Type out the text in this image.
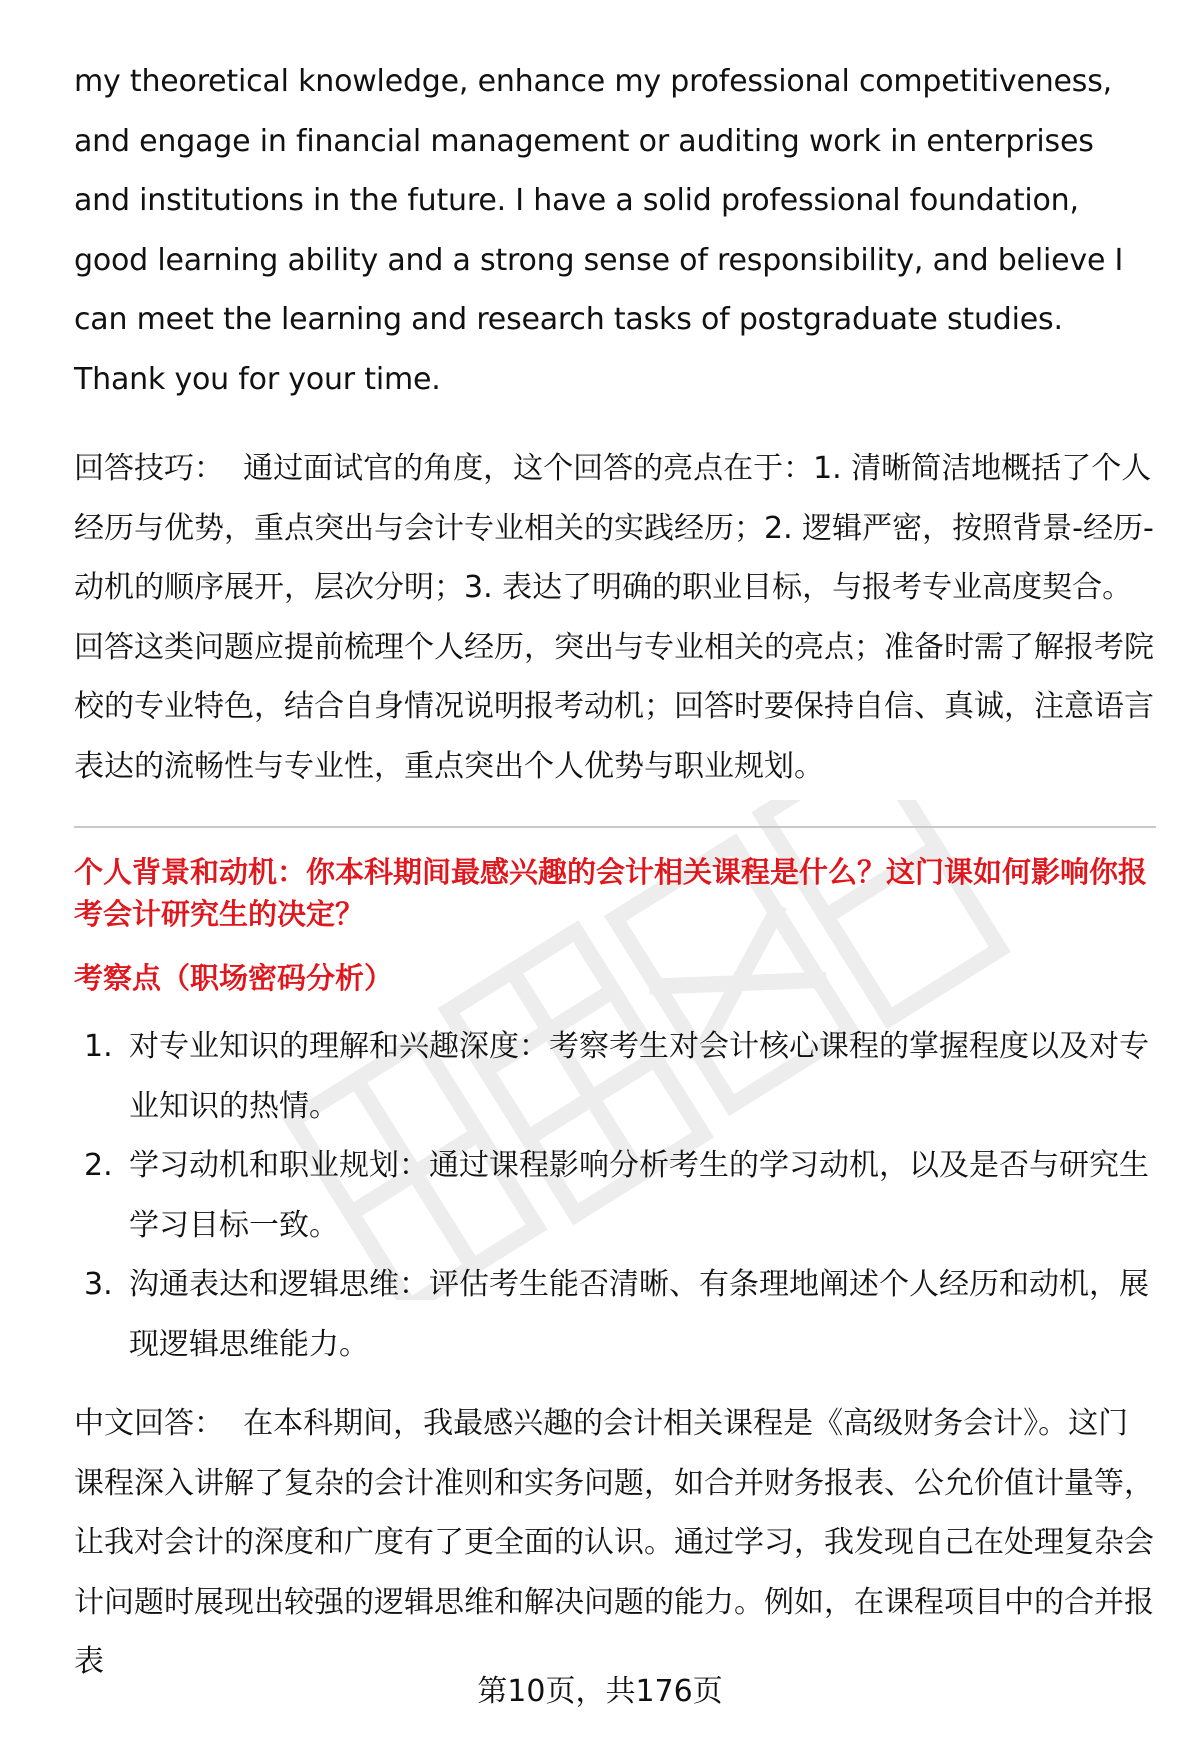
my theoretical knowledge, enhance my professional competitiveness, and engage in financial management or auditing work in enterprises and institutions in the future. I have a solid professional foundation, good learning ability and a strong sense of responsibility, and believe I can meet the learning and research tasks of postgraduate studies. Thank you for your time.

回答技巧： 通过面试官的角度，这个回答的亮点在于：1. 清晰简洁地概括了个人经历与优势，重点突出与会计专业相关的实践经历；2. 逻辑严密，按照背景-经历-动机的顺序展开，层次分明；3. 表达了明确的职业目标，与报考专业高度契合。回答这类问题应提前梳理个人经历，突出与专业相关的亮点；准备时需了解报考院校的专业特色，结合自身情况说明报考动机；回答时要保持自信、真诚，注意语言表达的流畅性与专业性，重点突出个人优势与职业规划。

个人背景和动机：你本科期间最感兴趣的会计相关课程是什么？这门课如何影响你报考会计研究生的决定？

考察点（职场密码分析）

1. 对专业知识的理解和兴趣深度：考察考生对会计核心课程的掌握程度以及对专业知识的热情。
2. 学习动机和职业规划：通过课程影响分析考生的学习动机，以及是否与研究生学习目标一致。
3. 沟通表达和逻辑思维：评估考生能否清晰、有条理地阐述个人经历和动机，展现逻辑思维能力。

中文回答： 在本科期间，我最感兴趣的会计相关课程是《高级财务会计》。这门课程深入讲解了复杂的会计准则和实务问题，如合并财务报表、公允价值计量等，让我对会计的深度和广度有了更全面的认识。通过学习，我发现自己在处理复杂会计问题时展现出较强的逻辑思维和解决问题的能力。例如，在课程项目中的合并报表

第10页，共176页
